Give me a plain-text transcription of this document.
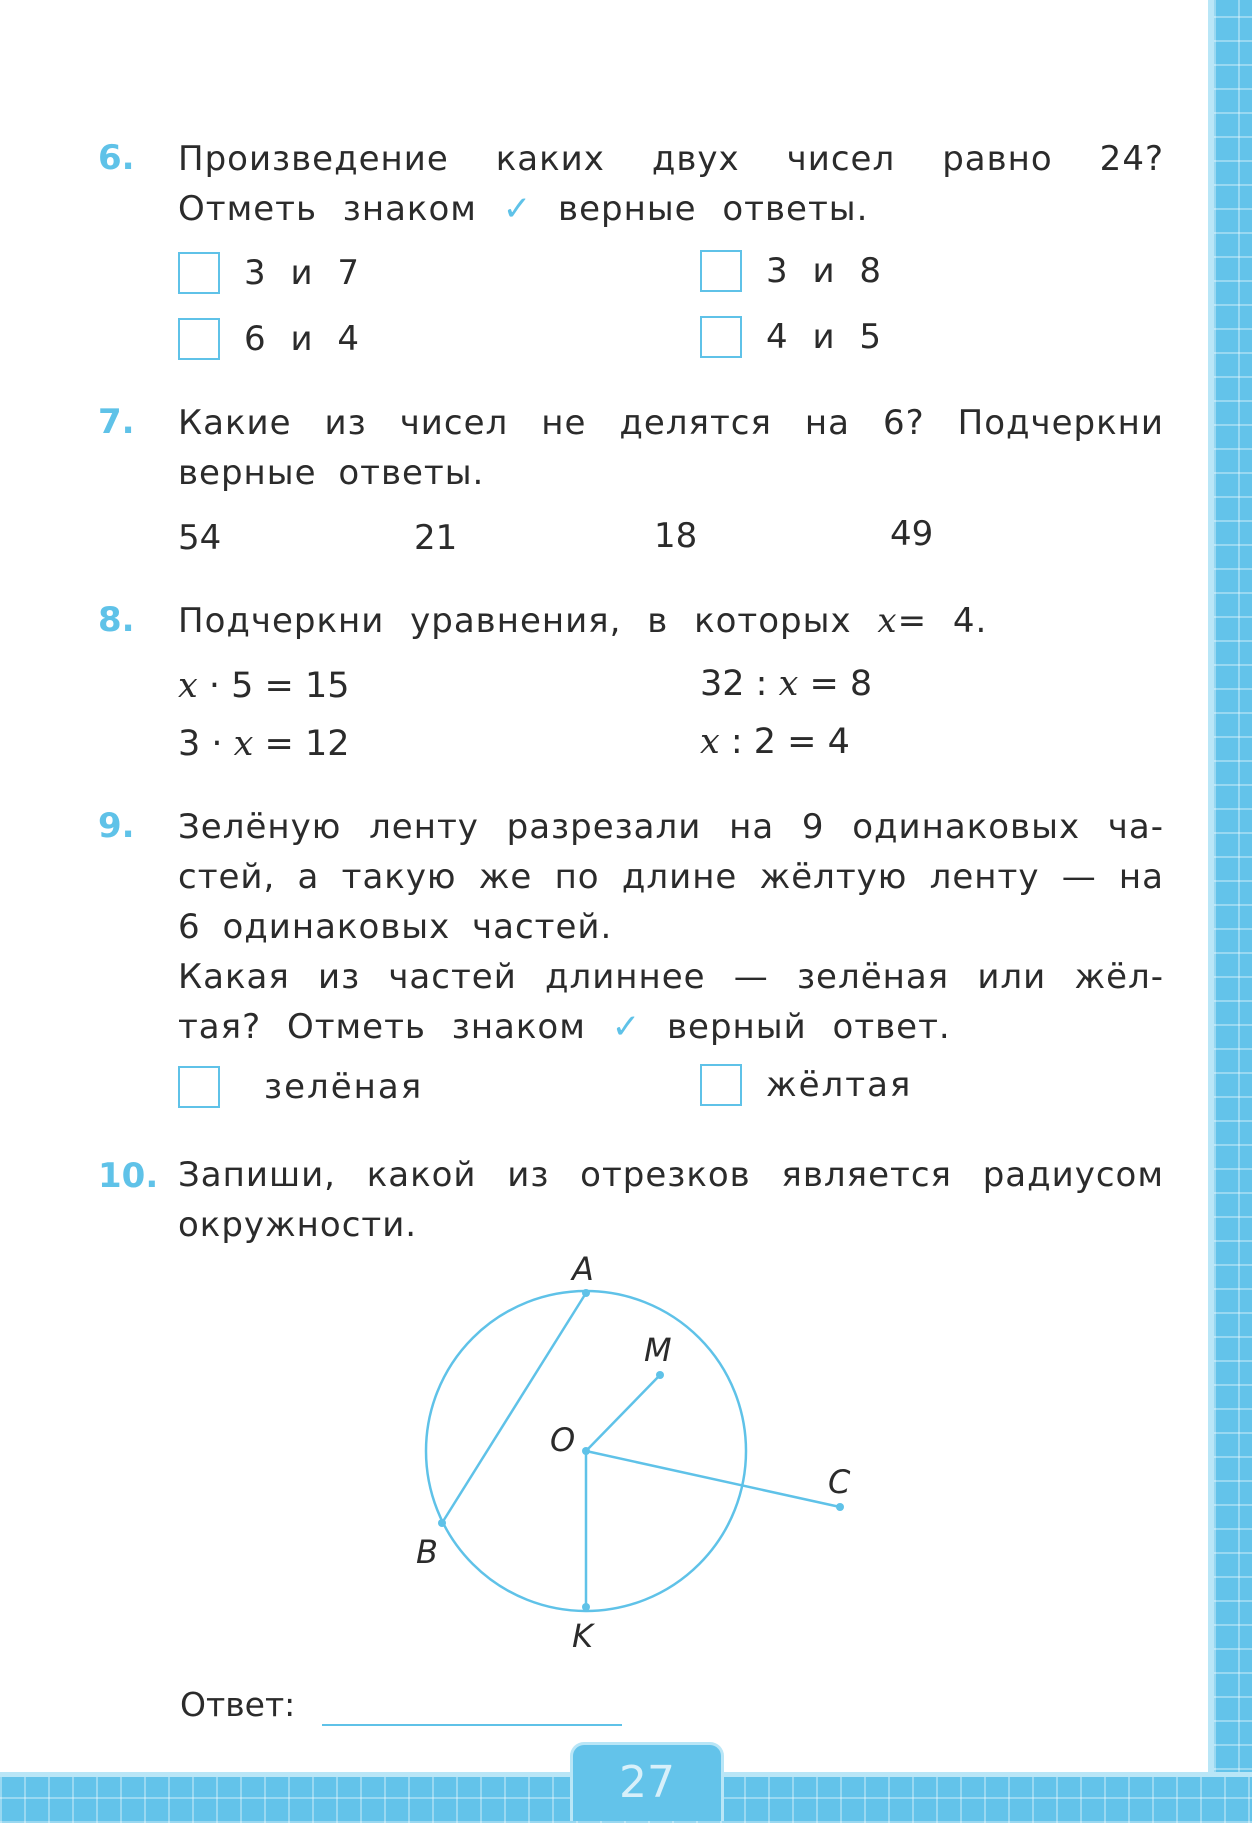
27
6. Произведение каких двух чисел равно 24?
Отметь знаком ✓ верные ответы.
3 и 7	3 и 8
6 и 4	4 и 5
7. Какие из чисел не делятся на 6? Подчеркни
верные ответы.
54	21	18	49
8. Подчеркни уравнения, в которых x= 4.
x · 5 = 15	32 : x = 8
3 · x = 12	x : 2 = 4
9. Зелёную ленту разрезали на 9 одинаковых ча-
стей, а такую же по длине жёлтую ленту — на
6 одинаковых частей.
Какая из частей длиннее — зелёная или жёл-
тая? Отметь знаком ✓ верный ответ.
зелёная	жёлтая
10. Запиши, какой из отрезков является радиусом
окружности.
A
M
O
C
B
K
Ответ:
